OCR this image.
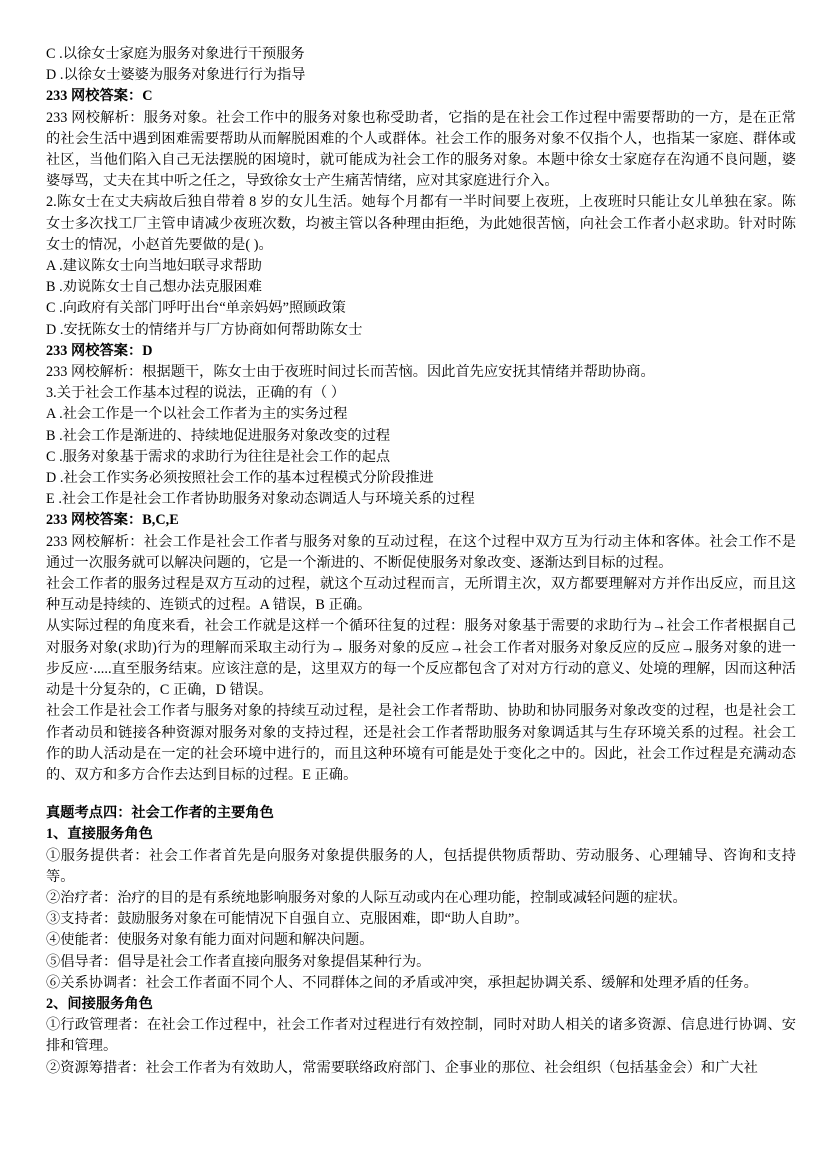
C .以徐女士家庭为服务对象进行干预服务

D .以徐女士婆婆为服务对象进行行为指导

233 网校答案：C

233 网校解析：服务对象。社会工作中的服务对象也称受助者，它指的是在社会工作过程中需要帮助的一方，是在正常的社会生活中遇到困难需要帮助从而解脱困难的个人或群体。社会工作的服务对象不仅指个人，也指某一家庭、群体或社区，当他们陷入自己无法摆脱的困境时，就可能成为社会工作的服务对象。本题中徐女士家庭存在沟通不良问题，婆婆辱骂，丈夫在其中听之任之，导致徐女士产生痛苦情绪，应对其家庭进行介入。

2.陈女士在丈夫病故后独自带着 8 岁的女儿生活。她每个月都有一半时间要上夜班，上夜班时只能让女儿单独在家。陈女士多次找工厂主管申请减少夜班次数，均被主管以各种理由拒绝，为此她很苦恼，向社会工作者小赵求助。针对时陈女士的情况，小赵首先要做的是( )。

A .建议陈女士向当地妇联寻求帮助

B .劝说陈女士自己想办法克服困难

C .向政府有关部门呼吁出台“单亲妈妈”照顾政策

D .安抚陈女士的情绪并与厂方协商如何帮助陈女士

233 网校答案：D

233 网校解析：根据题干，陈女士由于夜班时间过长而苦恼。因此首先应安抚其情绪并帮助协商。

3.关于社会工作基本过程的说法，正确的有（ ）

A .社会工作是一个以社会工作者为主的实务过程

B .社会工作是渐进的、持续地促进服务对象改变的过程

C .服务对象基于需求的求助行为往往是社会工作的起点

D .社会工作实务必须按照社会工作的基本过程模式分阶段推进

E .社会工作是社会工作者协助服务对象动态调适人与环境关系的过程

233 网校答案：B,C,E

233 网校解析：社会工作是社会工作者与服务对象的互动过程，在这个过程中双方互为行动主体和客体。社会工作不是通过一次服务就可以解决问题的，它是一个渐进的、不断促使服务对象改变、逐渐达到目标的过程。

社会工作者的服务过程是双方互动的过程，就这个互动过程而言，无所谓主次，双方都要理解对方并作出反应，而且这种互动是持续的、连锁式的过程。A 错误，B 正确。

从实际过程的角度来看，社会工作就是这样一个循环往复的过程：服务对象基于需要的求助行为→社会工作者根据自己对服务对象(求助)行为的理解而采取主动行为→ 服务对象的反应→社会工作者对服务对象反应的反应→服务对象的进一步反应·.....直至服务结束。应该注意的是，这里双方的每一个反应都包含了对对方行动的意义、处境的理解，因而这种活动是十分复杂的，C 正确，D 错误。

社会工作是社会工作者与服务对象的持续互动过程，是社会工作者帮助、协助和协同服务对象改变的过程，也是社会工作者动员和链接各种资源对服务对象的支持过程，还是社会工作者帮助服务对象调适其与生存环境关系的过程。社会工作的助人活动是在一定的社会环境中进行的，而且这种环境有可能是处于变化之中的。因此，社会工作过程是充满动态的、双方和多方合作去达到目标的过程。E 正确。

真题考点四：社会工作者的主要角色

1、直接服务角色

①服务提供者：社会工作者首先是向服务对象提供服务的人，包括提供物质帮助、劳动服务、心理辅导、咨询和支持等。

②治疗者：治疗的目的是有系统地影响服务对象的人际互动或内在心理功能，控制或减轻问题的症状。

③支持者：鼓励服务对象在可能情况下自强自立、克服困难，即“助人自助”。

④使能者：使服务对象有能力面对问题和解决问题。

⑤倡导者：倡导是社会工作者直接向服务对象提倡某种行为。

⑥关系协调者：社会工作者面不同个人、不同群体之间的矛盾或冲突，承担起协调关系、缓解和处理矛盾的任务。

2、间接服务角色

①行政管理者：在社会工作过程中，社会工作者对过程进行有效控制，同时对助人相关的诸多资源、信息进行协调、安排和管理。

②资源筹措者：社会工作者为有效助人，常需要联络政府部门、企事业的那位、社会组织（包括基金会）和广大社
